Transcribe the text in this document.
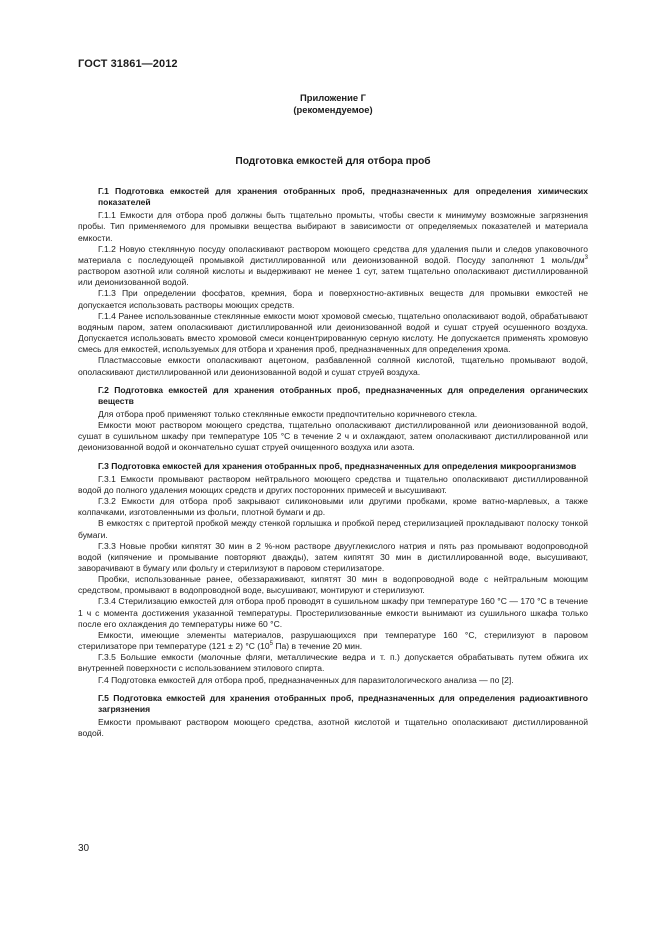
ГОСТ 31861—2012
Приложение Г
(рекомендуемое)
Подготовка емкостей для отбора проб

Г.1 Подготовка емкостей для хранения отобранных проб, предназначенных для определения химических показателей

Г.1.1 Емкости для отбора проб должны быть тщательно промыты, чтобы свести к минимуму возможные загрязнения пробы. Тип применяемого для промывки вещества выбирают в зависимости от определяемых показателей и материала емкости.

Г.1.2 Новую стеклянную посуду ополаскивают раствором моющего средства для удаления пыли и следов упаковочного материала с последующей промывкой дистиллированной или деионизованной водой. Посуду заполняют 1 моль/$дм^3$ раствором азотной или соляной кислоты и выдерживают не менее 1 сут, затем тщательно ополаскивают дистиллированной или деионизованной водой.

Г.1.3 При определении фосфатов, кремния, бора и поверхностно-активных веществ для промывки емкостей не допускается использовать растворы моющих средств.

Г.1.4 Ранее использованные стеклянные емкости моют хромовой смесью, тщательно ополаскивают водой, обрабатывают водяным паром, затем ополаскивают дистиллированной или деионизованной водой и сушат струей осушенного воздуха. Допускается использовать вместо хромовой смеси концентрированную серную кислоту. Не допускается применять хромовую смесь для емкостей, используемых для отбора и хранения проб, предназначенных для определения хрома.

Пластмассовые емкости ополаскивают ацетоном, разбавленной соляной кислотой, тщательно промывают водой, ополаскивают дистиллированной или деионизованной водой и сушат струей воздуха.

Г.2 Подготовка емкостей для хранения отобранных проб, предназначенных для определения органических веществ

Для отбора проб применяют только стеклянные емкости предпочтительно коричневого стекла.

Емкости моют раствором моющего средства, тщательно ополаскивают дистиллированной или деионизованной водой, сушат в сушильном шкафу при температуре 105 °С в течение 2 ч и охлаждают, затем ополаскивают дистиллированной или деионизованной водой и окончательно сушат струей очищенного воздуха или азота.

Г.3 Подготовка емкостей для хранения отобранных проб, предназначенных для определения микроорганизмов

Г.3.1 Емкости промывают раствором нейтрального моющего средства и тщательно ополаскивают дистиллированной водой до полного удаления моющих средств и других посторонних примесей и высушивают.

Г.3.2 Емкости для отбора проб закрывают силиконовыми или другими пробками, кроме ватно-марлевых, а также колпачками, изготовленными из фольги, плотной бумаги и др.

В емкостях с притертой пробкой между стенкой горлышка и пробкой перед стерилизацией прокладывают полоску тонкой бумаги.

Г.3.3 Новые пробки кипятят 30 мин в 2 %-ном растворе двууглекислого натрия и пять раз промывают водопроводной водой (кипячение и промывание повторяют дважды), затем кипятят 30 мин в дистиллированной воде, высушивают, заворачивают в бумагу или фольгу и стерилизуют в паровом стерилизаторе.

Пробки, использованные ранее, обеззараживают, кипятят 30 мин в водопроводной воде с нейтральным моющим средством, промывают в водопроводной воде, высушивают, монтируют и стерилизуют.

Г.3.4 Стерилизацию емкостей для отбора проб проводят в сушильном шкафу при температуре 160 °С — 170 °С в течение 1 ч с момента достижения указанной температуры. Простерилизованные емкости вынимают из сушильного шкафа только после его охлаждения до температуры ниже 60 °С.

Емкости, имеющие элементы материалов, разрушающихся при температуре 160 °С, стерилизуют в паровом стерилизаторе при температуре (121 ± 2) °С ($10^5$ Па) в течение 20 мин.

Г.3.5 Большие емкости (молочные фляги, металлические ведра и т. п.) допускается обрабатывать путем обжига их внутренней поверхности с использованием этилового спирта.

Г.4 Подготовка емкостей для отбора проб, предназначенных для паразитологического анализа — по [2].

Г.5 Подготовка емкостей для хранения отобранных проб, предназначенных для определения радиоактивного загрязнения

Емкости промывают раствором моющего средства, азотной кислотой и тщательно ополаскивают дистиллированной водой.

30
